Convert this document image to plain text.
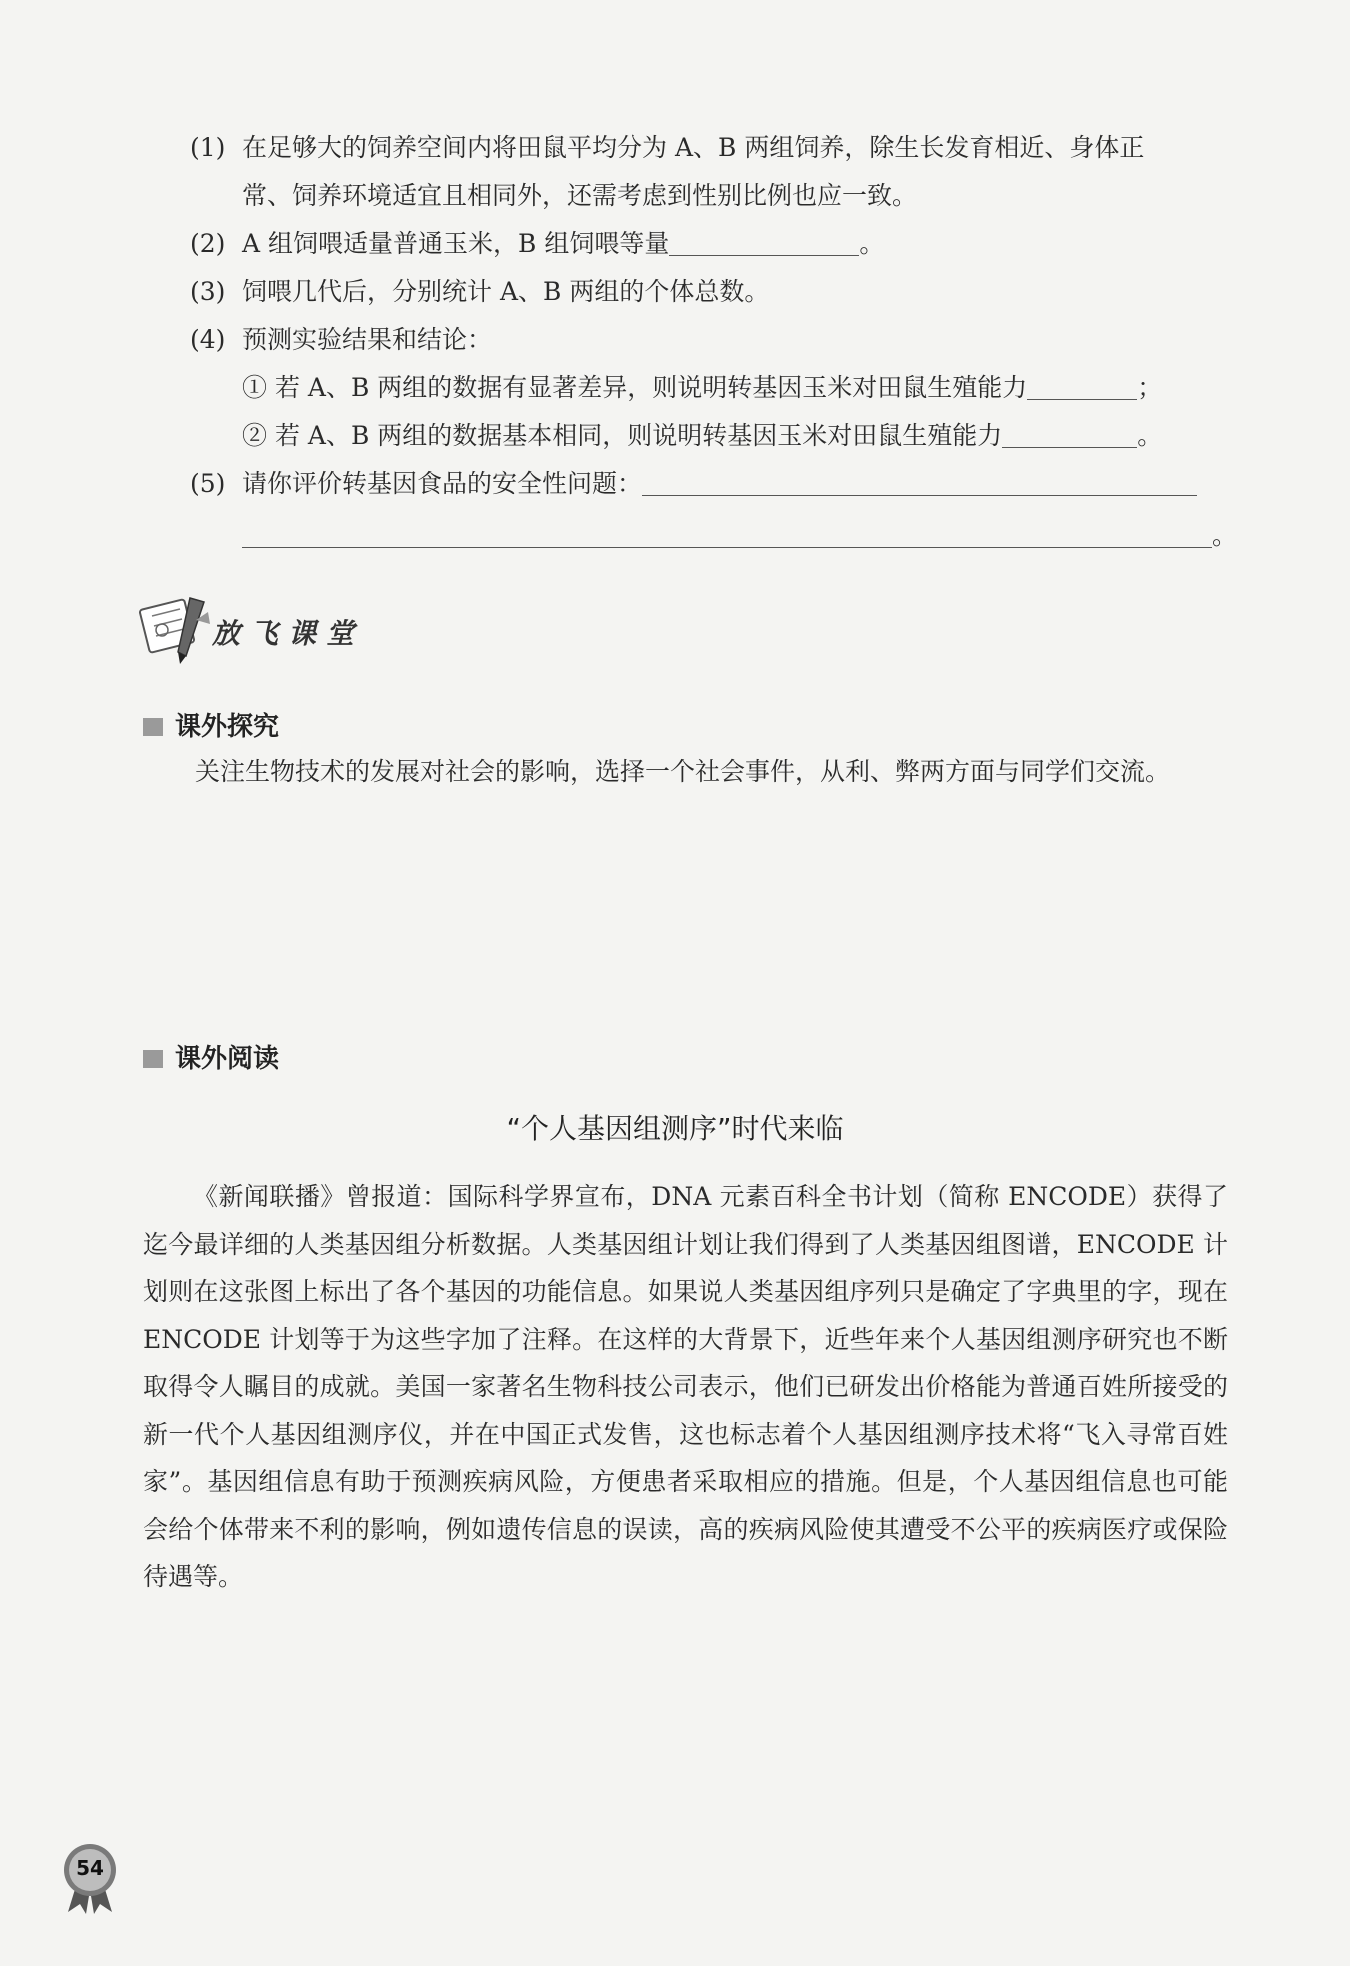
(1) 在足够大的饲养空间内将田鼠平均分为 A、B 两组饲养，除生长发育相近、身体正
常、饲养环境适宜且相同外，还需考虑到性别比例也应一致。
(2) A 组饲喂适量普通玉米，B 组饲喂等量	。
(3) 饲喂几代后，分别统计 A、B 两组的个体总数。
(4) 预测实验结果和结论：
① 若 A、B 两组的数据有显著差异，则说明转基因玉米对田鼠生殖能力	；
② 若 A、B 两组的数据基本相同，则说明转基因玉米对田鼠生殖能力	。
(5) 请你评价转基因食品的安全性问题：
。
放飞课堂
课外探究
关注生物技术的发展对社会的影响，选择一个社会事件，从利、弊两方面与同学们交流。
课外阅读
“个人基因组测序”时代来临
《新闻联播》曾报道：国际科学界宣布，DNA 元素百科全书计划（简称 ENCODE）获得了迄今最详细的人类基因组分析数据。人类基因组计划让我们得到了人类基因组图谱，ENCODE 计划则在这张图上标出了各个基因的功能信息。如果说人类基因组序列只是确定了字典里的字，现在 ENCODE 计划等于为这些字加了注释。在这样的大背景下，近些年来个人基因组测序研究也不断取得令人瞩目的成就。美国一家著名生物科技公司表示，他们已研发出价格能为普通百姓所接受的新一代个人基因组测序仪，并在中国正式发售，这也标志着个人基因组测序技术将“飞入寻常百姓家”。基因组信息有助于预测疾病风险，方便患者采取相应的措施。但是，个人基因组信息也可能会给个体带来不利的影响，例如遗传信息的误读，高的疾病风险使其遭受不公平的疾病医疗或保险待遇等。
54
